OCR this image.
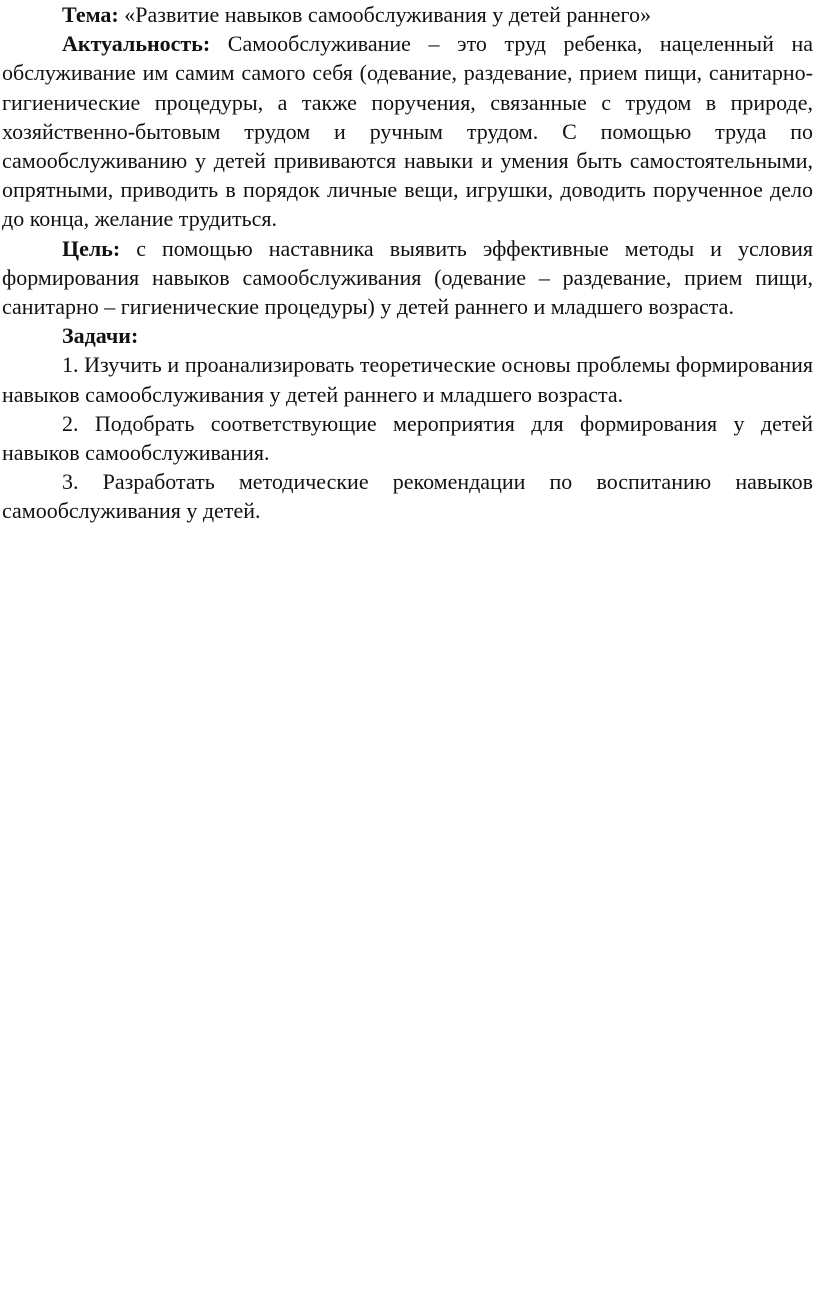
Тема: «Развитие навыков самообслуживания у детей раннего»

Актуальность: Самообслуживание – это труд ребенка, нацеленный на обслуживание им самим самого себя (одевание, раздевание, прием пищи, санитарно- гигиенические процедуры, а также поручения, связанные с трудом в природе, хозяйственно-бытовым трудом и ручным трудом. С помощью труда по самообслуживанию у детей прививаются навыки и умения быть самостоятельными, опрятными, приводить в порядок личные вещи, игрушки, доводить порученное дело до конца, желание трудиться.

Цель: с помощью наставника выявить эффективные методы и условия формирования навыков самообслуживания (одевание – раздевание, прием пищи, санитарно – гигиенические процедуры) у детей раннего и младшего возраста.

Задачи:

1. Изучить и проанализировать теоретические основы проблемы формирования навыков самообслуживания у детей раннего и младшего возраста.

2. Подобрать соответствующие мероприятия для формирования у детей навыков самообслуживания.

3. Разработать методические рекомендации по воспитанию навыков самообслуживания у детей.
